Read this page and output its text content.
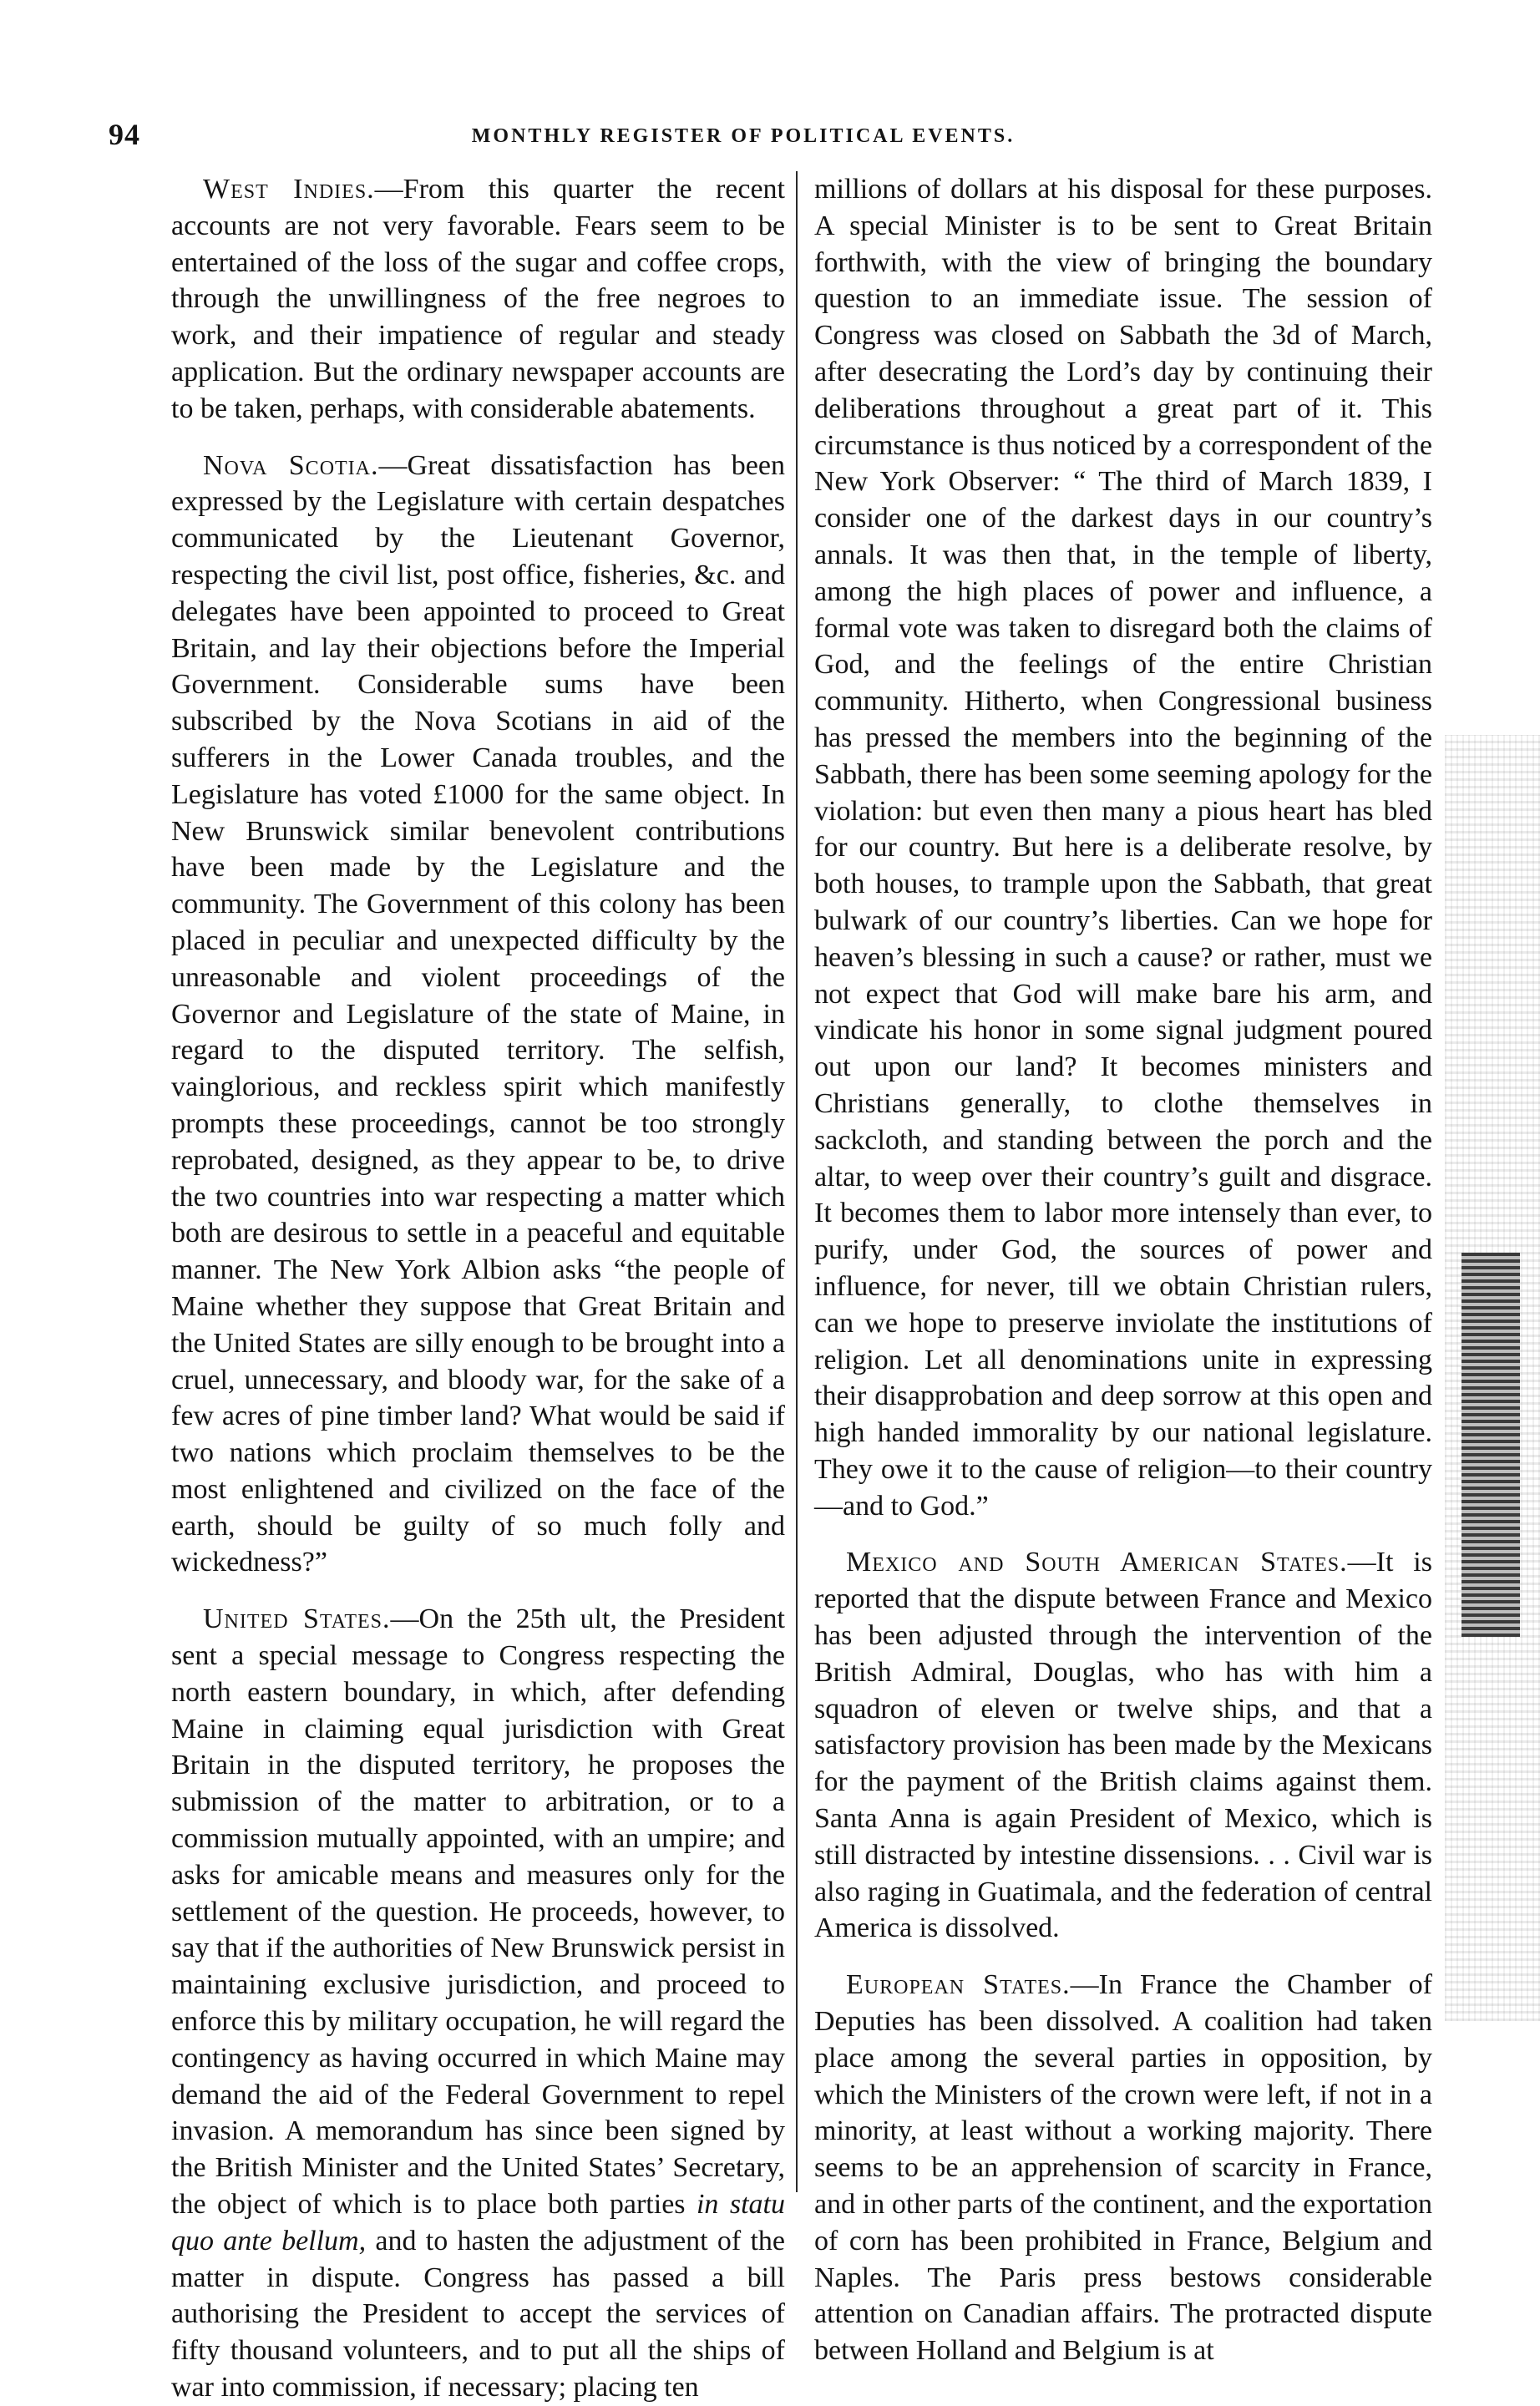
94	MONTHLY REGISTER OF POLITICAL EVENTS.

West Indies.—From this quarter the recent accounts are not very favorable. Fears seem to be entertained of the loss of the sugar and coffee crops, through the unwillingness of the free negroes to work, and their impatience of regular and steady application. But the ordinary newspaper accounts are to be taken, perhaps, with considerable abatements.

Nova Scotia.—Great dissatisfaction has been expressed by the Legislature with certain despatches communicated by the Lieutenant Governor, respecting the civil list, post office, fisheries, &c. and delegates have been appointed to proceed to Great Britain, and lay their objections before the Imperial Government. Considerable sums have been subscribed by the Nova Scotians in aid of the sufferers in the Lower Canada troubles, and the Legislature has voted £1000 for the same object. In New Brunswick similar benevolent contributions have been made by the Legislature and the community. The Government of this colony has been placed in peculiar and unexpected difficulty by the unreasonable and violent proceedings of the Governor and Legislature of the state of Maine, in regard to the disputed territory. The selfish, vainglorious, and reckless spirit which manifestly prompts these proceedings, cannot be too strongly reprobated, designed, as they appear to be, to drive the two countries into war respecting a matter which both are desirous to settle in a peaceful and equitable manner. The New York Albion asks “the people of Maine whether they suppose that Great Britain and the United States are silly enough to be brought into a cruel, unnecessary, and bloody war, for the sake of a few acres of pine timber land? What would be said if two nations which proclaim themselves to be the most enlightened and civilized on the face of the earth, should be guilty of so much folly and wickedness?”

United States.—On the 25th ult, the President sent a special message to Congress respecting the north eastern boundary, in which, after defending Maine in claiming equal jurisdiction with Great Britain in the disputed territory, he proposes the submission of the matter to arbitration, or to a commission mutually appointed, with an umpire; and asks for amicable means and measures only for the settlement of the question. He proceeds, however, to say that if the authorities of New Brunswick persist in maintaining exclusive jurisdiction, and proceed to enforce this by military occupation, he will regard the contingency as having occurred in which Maine may demand the aid of the Federal Government to repel invasion. A memorandum has since been signed by the British Minister and the United States’ Secretary, the object of which is to place both parties in statu quo ante bellum, and to hasten the adjustment of the matter in dispute. Congress has passed a bill authorising the President to accept the services of fifty thousand volunteers, and to put all the ships of war into commission, if necessary; placing ten

millions of dollars at his disposal for these purposes. A special Minister is to be sent to Great Britain forthwith, with the view of bringing the boundary question to an immediate issue. The session of Congress was closed on Sabbath the 3d of March, after desecrating the Lord’s day by continuing their deliberations throughout a great part of it. This circumstance is thus noticed by a correspondent of the New York Observer: “ The third of March 1839, I consider one of the darkest days in our country’s annals. It was then that, in the temple of liberty, among the high places of power and influence, a formal vote was taken to disregard both the claims of God, and the feelings of the entire Christian community. Hitherto, when Congressional business has pressed the members into the beginning of the Sabbath, there has been some seeming apology for the violation: but even then many a pious heart has bled for our country. But here is a deliberate resolve, by both houses, to trample upon the Sabbath, that great bulwark of our country’s liberties. Can we hope for heaven’s blessing in such a cause? or rather, must we not expect that God will make bare his arm, and vindicate his honor in some signal judgment poured out upon our land? It becomes ministers and Christians generally, to clothe themselves in sackcloth, and standing between the porch and the altar, to weep over their country’s guilt and disgrace. It becomes them to labor more intensely than ever, to purify, under God, the sources of power and influence, for never, till we obtain Christian rulers, can we hope to preserve inviolate the institutions of religion. Let all denominations unite in expressing their disapprobation and deep sorrow at this open and high handed immorality by our national legislature. They owe it to the cause of religion—to their country—and to God.”

Mexico and South American States.—It is reported that the dispute between France and Mexico has been adjusted through the intervention of the British Admiral, Douglas, who has with him a squadron of eleven or twelve ships, and that a satisfactory provision has been made by the Mexicans for the payment of the British claims against them. Santa Anna is again President of Mexico, which is still distracted by intestine dissensions. . . Civil war is also raging in Guatimala, and the federation of central America is dissolved.

European States.—In France the Chamber of Deputies has been dissolved. A coalition had taken place among the several parties in opposition, by which the Ministers of the crown were left, if not in a minority, at least without a working majority. There seems to be an apprehension of scarcity in France, and in other parts of the continent, and the exportation of corn has been prohibited in France, Belgium and Naples. The Paris press bestows considerable attention on Canadian affairs. The protracted dispute between Holland and Belgium is at
